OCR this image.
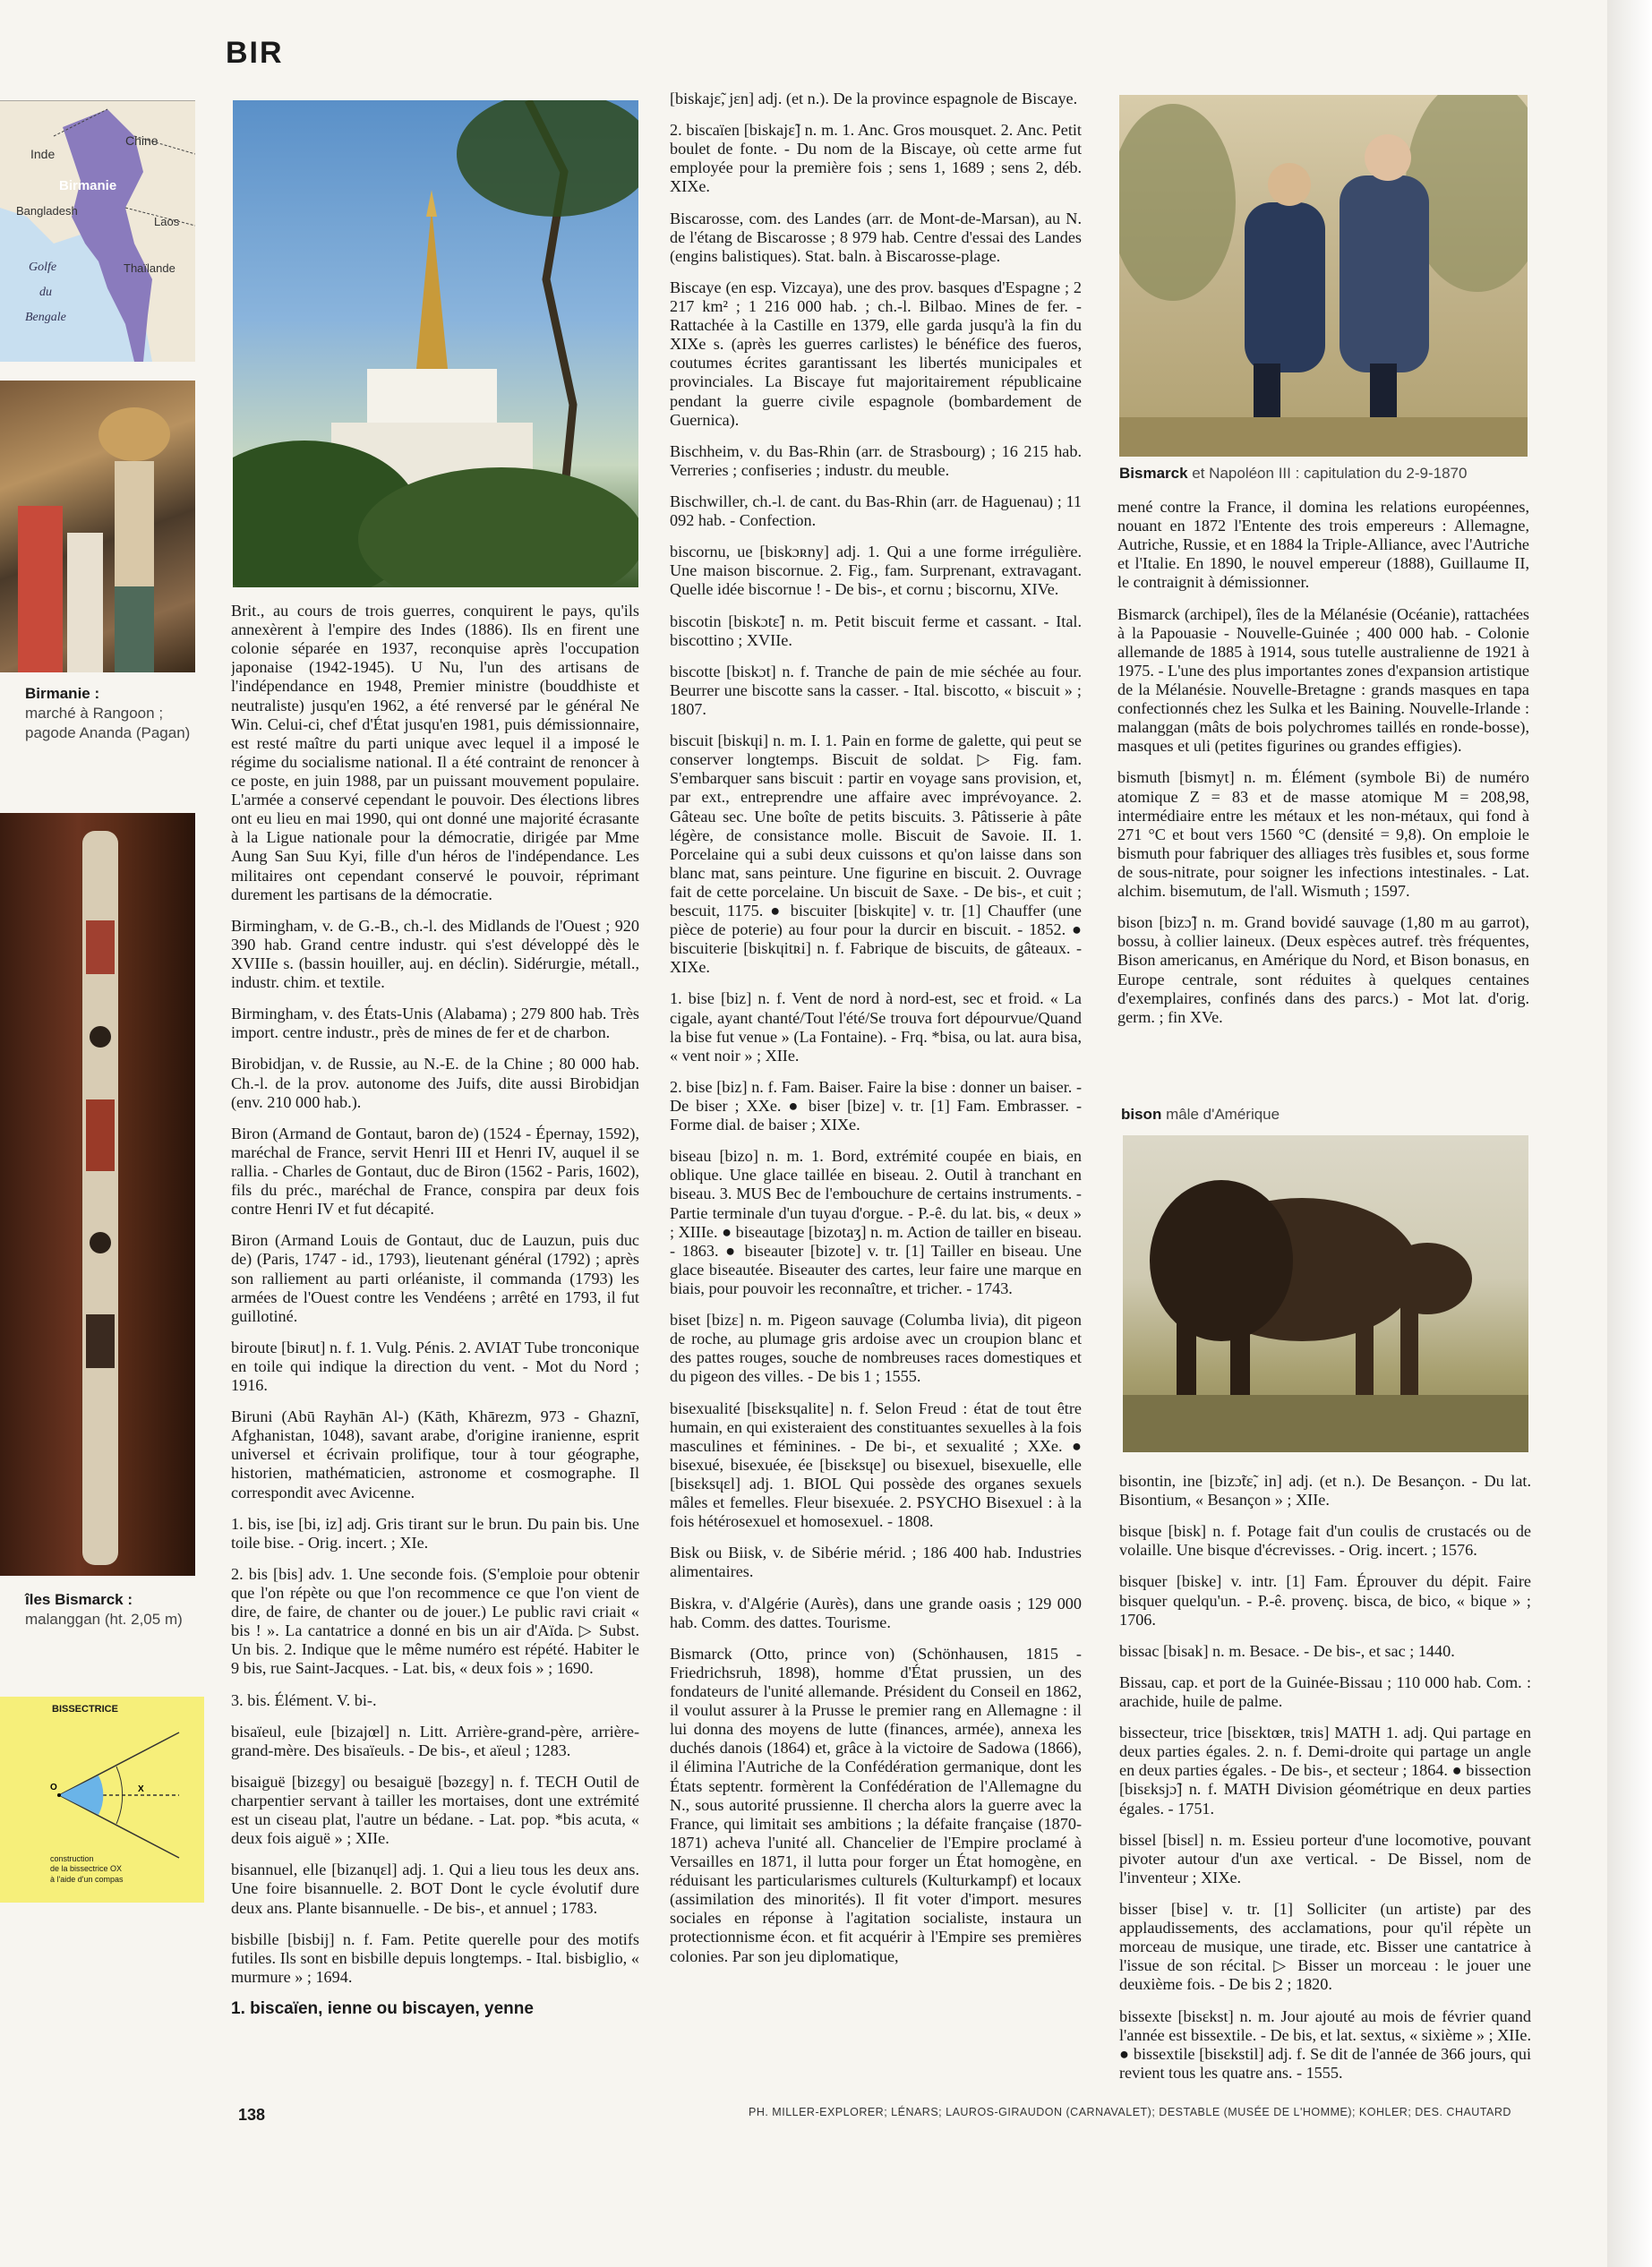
BIR
Inde
Chine
Birmanie
Bangladesh
Laos
Thaïlande
Golfe
du
Bengale
Birmanie :
marché à Rangoon ;
pagode Ananda (Pagan)
îles Bismarck :
malanggan (ht. 2,05 m)
BISSECTRICE
O	X
construction
de la bissectrice OX
à l'aide d'un compas

Brit., au cours de trois guerres, conquirent le pays, qu'ils annexèrent à l'empire des Indes (1886). Ils en firent une colonie séparée en 1937, reconquise après l'occupation japonaise (1942-1945). U Nu, l'un des artisans de l'indépendance en 1948, Premier ministre (bouddhiste et neutraliste) jusqu'en 1962, a été renversé par le général Ne Win. Celui-ci, chef d'État jusqu'en 1981, puis démissionnaire, est resté maître du parti unique avec lequel il a imposé le régime du socialisme national. Il a été contraint de renoncer à ce poste, en juin 1988, par un puissant mouvement populaire. L'armée a conservé cependant le pouvoir. Des élections libres ont eu lieu en mai 1990, qui ont donné une majorité écrasante à la Ligue nationale pour la démocratie, dirigée par Mme Aung San Suu Kyi, fille d'un héros de l'indépendance. Les militaires ont cependant conservé le pouvoir, réprimant durement les partisans de la démocratie.

Birmingham, v. de G.-B., ch.-l. des Midlands de l'Ouest ; 920 390 hab. Grand centre industr. qui s'est développé dès le XVIIIe s. (bassin houiller, auj. en déclin). Sidérurgie, métall., industr. chim. et textile.

Birmingham, v. des États-Unis (Alabama) ; 279 800 hab. Très import. centre industr., près de mines de fer et de charbon.

Birobidjan, v. de Russie, au N.-E. de la Chine ; 80 000 hab. Ch.-l. de la prov. autonome des Juifs, dite aussi Birobidjan (env. 210 000 hab.).

Biron (Armand de Gontaut, baron de) (1524 - Épernay, 1592), maréchal de France, servit Henri III et Henri IV, auquel il se rallia. - Charles de Gontaut, duc de Biron (1562 - Paris, 1602), fils du préc., maréchal de France, conspira par deux fois contre Henri IV et fut décapité.

Biron (Armand Louis de Gontaut, duc de Lauzun, puis duc de) (Paris, 1747 - id., 1793), lieutenant général (1792) ; après son ralliement au parti orléaniste, il commanda (1793) les armées de l'Ouest contre les Vendéens ; arrêté en 1793, il fut guillotiné.

biroute [biʀut] n. f. 1. Vulg. Pénis. 2. AVIAT Tube tronconique en toile qui indique la direction du vent. - Mot du Nord ; 1916.

Biruni (Abū Rayhān Al-) (Kāth, Khārezm, 973 - Ghaznī, Afghanistan, 1048), savant arabe, d'origine iranienne, esprit universel et écrivain prolifique, tour à tour géographe, historien, mathématicien, astronome et cosmographe. Il correspondit avec Avicenne.

1. bis, ise [bi, iz] adj. Gris tirant sur le brun. Du pain bis. Une toile bise. - Orig. incert. ; XIe.

2. bis [bis] adv. 1. Une seconde fois. (S'emploie pour obtenir que l'on répète ou que l'on recommence ce que l'on vient de dire, de faire, de chanter ou de jouer.) Le public ravi criait « bis ! ». La cantatrice a donné en bis un air d'Aïda. ▷ Subst. Un bis. 2. Indique que le même numéro est répété. Habiter le 9 bis, rue Saint-Jacques. - Lat. bis, « deux fois » ; 1690.

3. bis. Élément. V. bi-.

bisaïeul, eule [bizajœl] n. Litt. Arrière-grand-père, arrière-grand-mère. Des bisaïeuls. - De bis-, et aïeul ; 1283.

bisaiguë [bizɛgy] ou besaiguë [bəzɛgy] n. f. TECH Outil de charpentier servant à tailler les mortaises, dont une extrémité est un ciseau plat, l'autre un bédane. - Lat. pop. *bis acuta, « deux fois aiguë » ; XIIe.

bisannuel, elle [bizanɥɛl] adj. 1. Qui a lieu tous les deux ans. Une foire bisannuelle. 2. BOT Dont le cycle évolutif dure deux ans. Plante bisannuelle. - De bis-, et annuel ; 1783.

bisbille [bisbij] n. f. Fam. Petite querelle pour des motifs futiles. Ils sont en bisbille depuis longtemps. - Ital. bisbiglio, « murmure » ; 1694.

1. biscaïen, ienne ou biscayen, yenne

[biskajɛ̃, jɛn] adj. (et n.). De la province espagnole de Biscaye.

2. biscaïen [biskajɛ̃] n. m. 1. Anc. Gros mousquet. 2. Anc. Petit boulet de fonte. - Du nom de la Biscaye, où cette arme fut employée pour la première fois ; sens 1, 1689 ; sens 2, déb. XIXe.

Biscarosse, com. des Landes (arr. de Mont-de-Marsan), au N. de l'étang de Biscarosse ; 8 979 hab. Centre d'essai des Landes (engins balistiques). Stat. baln. à Biscarosse-plage.

Biscaye (en esp. Vizcaya), une des prov. basques d'Espagne ; 2 217 km² ; 1 216 000 hab. ; ch.-l. Bilbao. Mines de fer. - Rattachée à la Castille en 1379, elle garda jusqu'à la fin du XIXe s. (après les guerres carlistes) le bénéfice des fueros, coutumes écrites garantissant les libertés municipales et provinciales. La Biscaye fut majoritairement républicaine pendant la guerre civile espagnole (bombardement de Guernica).

Bischheim, v. du Bas-Rhin (arr. de Strasbourg) ; 16 215 hab. Verreries ; confiseries ; industr. du meuble.

Bischwiller, ch.-l. de cant. du Bas-Rhin (arr. de Haguenau) ; 11 092 hab. - Confection.

biscornu, ue [biskɔʀny] adj. 1. Qui a une forme irrégulière. Une maison biscornue. 2. Fig., fam. Surprenant, extravagant. Quelle idée biscornue ! - De bis-, et cornu ; biscornu, XIVe.

biscotin [biskɔtɛ̃] n. m. Petit biscuit ferme et cassant. - Ital. biscottino ; XVIIe.

biscotte [biskɔt] n. f. Tranche de pain de mie séchée au four. Beurrer une biscotte sans la casser. - Ital. biscotto, « biscuit » ; 1807.

biscuit [biskɥi] n. m. I. 1. Pain en forme de galette, qui peut se conserver longtemps. Biscuit de soldat. ▷ Fig. fam. S'embarquer sans biscuit : partir en voyage sans provision, et, par ext., entreprendre une affaire avec imprévoyance. 2. Gâteau sec. Une boîte de petits biscuits. 3. Pâtisserie à pâte légère, de consistance molle. Biscuit de Savoie. II. 1. Porcelaine qui a subi deux cuissons et qu'on laisse dans son blanc mat, sans peinture. Une figurine en biscuit. 2. Ouvrage fait de cette porcelaine. Un biscuit de Saxe. - De bis-, et cuit ; bescuit, 1175. ● biscuiter [biskɥite] v. tr. [1] Chauffer (une pièce de poterie) au four pour la durcir en biscuit. - 1852. ● biscuiterie [biskɥitʀi] n. f. Fabrique de biscuits, de gâteaux. - XIXe.

1. bise [biz] n. f. Vent de nord à nord-est, sec et froid. « La cigale, ayant chanté/Tout l'été/Se trouva fort dépourvue/Quand la bise fut venue » (La Fontaine). - Frq. *bisa, ou lat. aura bisa, « vent noir » ; XIIe.

2. bise [biz] n. f. Fam. Baiser. Faire la bise : donner un baiser. - De biser ; XXe. ● biser [bize] v. tr. [1] Fam. Embrasser. - Forme dial. de baiser ; XIXe.

biseau [bizo] n. m. 1. Bord, extrémité coupée en biais, en oblique. Une glace taillée en biseau. 2. Outil à tranchant en biseau. 3. MUS Bec de l'embouchure de certains instruments. - Partie terminale d'un tuyau d'orgue. - P.-ê. du lat. bis, « deux » ; XIIIe. ● biseautage [bizotaʒ] n. m. Action de tailler en biseau. - 1863. ● biseauter [bizote] v. tr. [1] Tailler en biseau. Une glace biseautée. Biseauter des cartes, leur faire une marque en biais, pour pouvoir les reconnaître, et tricher. - 1743.

biset [bizɛ] n. m. Pigeon sauvage (Columba livia), dit pigeon de roche, au plumage gris ardoise avec un croupion blanc et des pattes rouges, souche de nombreuses races domestiques et du pigeon des villes. - De bis 1 ; 1555.

bisexualité [bisɛksɥalite] n. f. Selon Freud : état de tout être humain, en qui existeraient des constituantes sexuelles à la fois masculines et féminines. - De bi-, et sexualité ; XXe. ● bisexué, bisexuée, ée [bisɛksɥe] ou bisexuel, bisexuelle, elle [bisɛksɥɛl] adj. 1. BIOL Qui possède des organes sexuels mâles et femelles. Fleur bisexuée. 2. PSYCHO Bisexuel : à la fois hétérosexuel et homosexuel. - 1808.

Bisk ou Biisk, v. de Sibérie mérid. ; 186 400 hab. Industries alimentaires.

Biskra, v. d'Algérie (Aurès), dans une grande oasis ; 129 000 hab. Comm. des dattes. Tourisme.

Bismarck (Otto, prince von) (Schönhausen, 1815 - Friedrichsruh, 1898), homme d'État prussien, un des fondateurs de l'unité allemande. Président du Conseil en 1862, il voulut assurer à la Prusse le premier rang en Allemagne : il lui donna des moyens de lutte (finances, armée), annexa les duchés danois (1864) et, grâce à la victoire de Sadowa (1866), il élimina l'Autriche de la Confédération germanique, dont les États septentr. formèrent la Confédération de l'Allemagne du N., sous autorité prussienne. Il chercha alors la guerre avec la France, qui limitait ses ambitions ; la défaite française (1870-1871) acheva l'unité all. Chancelier de l'Empire proclamé à Versailles en 1871, il lutta pour forger un État homogène, en réduisant les particularismes culturels (Kulturkampf) et locaux (assimilation des minorités). Il fit voter d'import. mesures sociales en réponse à l'agitation socialiste, instaura un protectionnisme écon. et fit acquérir à l'Empire ses premières colonies. Par son jeu diplomatique,

Bismarck et Napoléon III : capitulation du 2-9-1870

mené contre la France, il domina les relations européennes, nouant en 1872 l'Entente des trois empereurs : Allemagne, Autriche, Russie, et en 1884 la Triple-Alliance, avec l'Autriche et l'Italie. En 1890, le nouvel empereur (1888), Guillaume II, le contraignit à démissionner.

Bismarck (archipel), îles de la Mélanésie (Océanie), rattachées à la Papouasie - Nouvelle-Guinée ; 400 000 hab. - Colonie allemande de 1885 à 1914, sous tutelle australienne de 1921 à 1975. - L'une des plus importantes zones d'expansion artistique de la Mélanésie. Nouvelle-Bretagne : grands masques en tapa confectionnés chez les Sulka et les Baining. Nouvelle-Irlande : malanggan (mâts de bois polychromes taillés en ronde-bosse), masques et uli (petites figurines ou grandes effigies).

bismuth [bismyt] n. m. Élément (symbole Bi) de numéro atomique Z = 83 et de masse atomique M = 208,98, intermédiaire entre les métaux et les non-métaux, qui fond à 271 °C et bout vers 1560 °C (densité = 9,8). On emploie le bismuth pour fabriquer des alliages très fusibles et, sous forme de sous-nitrate, pour soigner les infections intestinales. - Lat. alchim. bisemutum, de l'all. Wismuth ; 1597.

bison [bizɔ̃] n. m. Grand bovidé sauvage (1,80 m au garrot), bossu, à collier laineux. (Deux espèces autref. très fréquentes, Bison americanus, en Amérique du Nord, et Bison bonasus, en Europe centrale, sont réduites à quelques centaines d'exemplaires, confinés dans des parcs.) - Mot lat. d'orig. germ. ; fin XVe.

bison mâle d'Amérique

bisontin, ine [bizɔ̃tɛ̃, in] adj. (et n.). De Besançon. - Du lat. Bisontium, « Besançon » ; XIIe.

bisque [bisk] n. f. Potage fait d'un coulis de crustacés ou de volaille. Une bisque d'écrevisses. - Orig. incert. ; 1576.

bisquer [biske] v. intr. [1] Fam. Éprouver du dépit. Faire bisquer quelqu'un. - P.-ê. provenç. bisca, de bico, « bique » ; 1706.

bissac [bisak] n. m. Besace. - De bis-, et sac ; 1440.

Bissau, cap. et port de la Guinée-Bissau ; 110 000 hab. Com. : arachide, huile de palme.

bissecteur, trice [bisɛktœʀ, tʀis] MATH 1. adj. Qui partage en deux parties égales. 2. n. f. Demi-droite qui partage un angle en deux parties égales. - De bis-, et secteur ; 1864. ● bissection [bisɛksjɔ̃] n. f. MATH Division géométrique en deux parties égales. - 1751.

bissel [bisɛl] n. m. Essieu porteur d'une locomotive, pouvant pivoter autour d'un axe vertical. - De Bissel, nom de l'inventeur ; XIXe.

bisser [bise] v. tr. [1] Solliciter (un artiste) par des applaudissements, des acclamations, pour qu'il répète un morceau de musique, une tirade, etc. Bisser une cantatrice à l'issue de son récital. ▷ Bisser un morceau : le jouer une deuxième fois. - De bis 2 ; 1820.

bissexte [bisɛkst] n. m. Jour ajouté au mois de février quand l'année est bissextile. - De bis, et lat. sextus, « sixième » ; XIIe. ● bissextile [bisɛkstil] adj. f. Se dit de l'année de 366 jours, qui revient tous les quatre ans. - 1555.

138	PH. MILLER-EXPLORER; LÉNARS; LAUROS-GIRAUDON (CARNAVALET); DESTABLE (MUSÉE DE L'HOMME); KOHLER; DES. CHAUTARD
